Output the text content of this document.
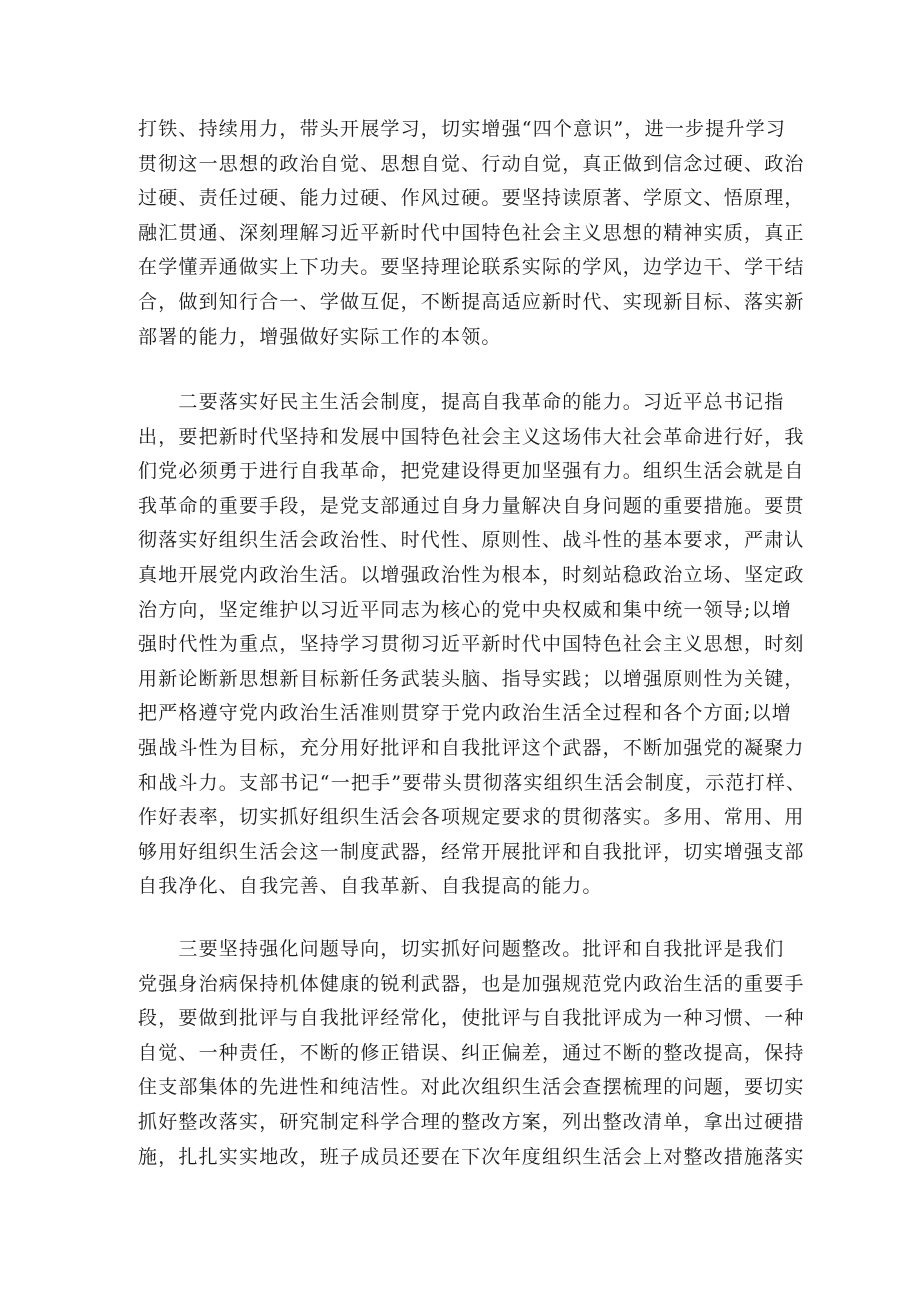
打铁、持续用力，带头开展学习，切实增强“四个意识”，进一步提升学习
贯彻这一思想的政治自觉、思想自觉、行动自觉，真正做到信念过硬、政治
过硬、责任过硬、能力过硬、作风过硬。要坚持读原著、学原文、悟原理，
融汇贯通、深刻理解习近平新时代中国特色社会主义思想的精神实质，真正
在学懂弄通做实上下功夫。要坚持理论联系实际的学风，边学边干、学干结
合，做到知行合一、学做互促，不断提高适应新时代、实现新目标、落实新
部署的能力，增强做好实际工作的本领。
　　二要落实好民主生活会制度，提高自我革命的能力。习近平总书记指
出，要把新时代坚持和发展中国特色社会主义这场伟大社会革命进行好，我
们党必须勇于进行自我革命，把党建设得更加坚强有力。组织生活会就是自
我革命的重要手段，是党支部通过自身力量解决自身问题的重要措施。要贯
彻落实好组织生活会政治性、时代性、原则性、战斗性的基本要求，严肃认
真地开展党内政治生活。以增强政治性为根本，时刻站稳政治立场、坚定政
治方向，坚定维护以习近平同志为核心的党中央权威和集中统一领导;以增
强时代性为重点，坚持学习贯彻习近平新时代中国特色社会主义思想，时刻
用新论断新思想新目标新任务武装头脑、指导实践；以增强原则性为关键，
把严格遵守党内政治生活准则贯穿于党内政治生活全过程和各个方面;以增
强战斗性为目标，充分用好批评和自我批评这个武器，不断加强党的凝聚力
和战斗力。支部书记“一把手”要带头贯彻落实组织生活会制度，示范打样、
作好表率，切实抓好组织生活会各项规定要求的贯彻落实。多用、常用、用
够用好组织生活会这一制度武器，经常开展批评和自我批评，切实增强支部
自我净化、自我完善、自我革新、自我提高的能力。
　　三要坚持强化问题导向，切实抓好问题整改。批评和自我批评是我们
党强身治病保持机体健康的锐利武器，也是加强规范党内政治生活的重要手
段，要做到批评与自我批评经常化，使批评与自我批评成为一种习惯、一种
自觉、一种责任，不断的修正错误、纠正偏差，通过不断的整改提高，保持
住支部集体的先进性和纯洁性。对此次组织生活会查摆梳理的问题，要切实
抓好整改落实，研究制定科学合理的整改方案，列出整改清单，拿出过硬措
施，扎扎实实地改，班子成员还要在下次年度组织生活会上对整改措施落实
